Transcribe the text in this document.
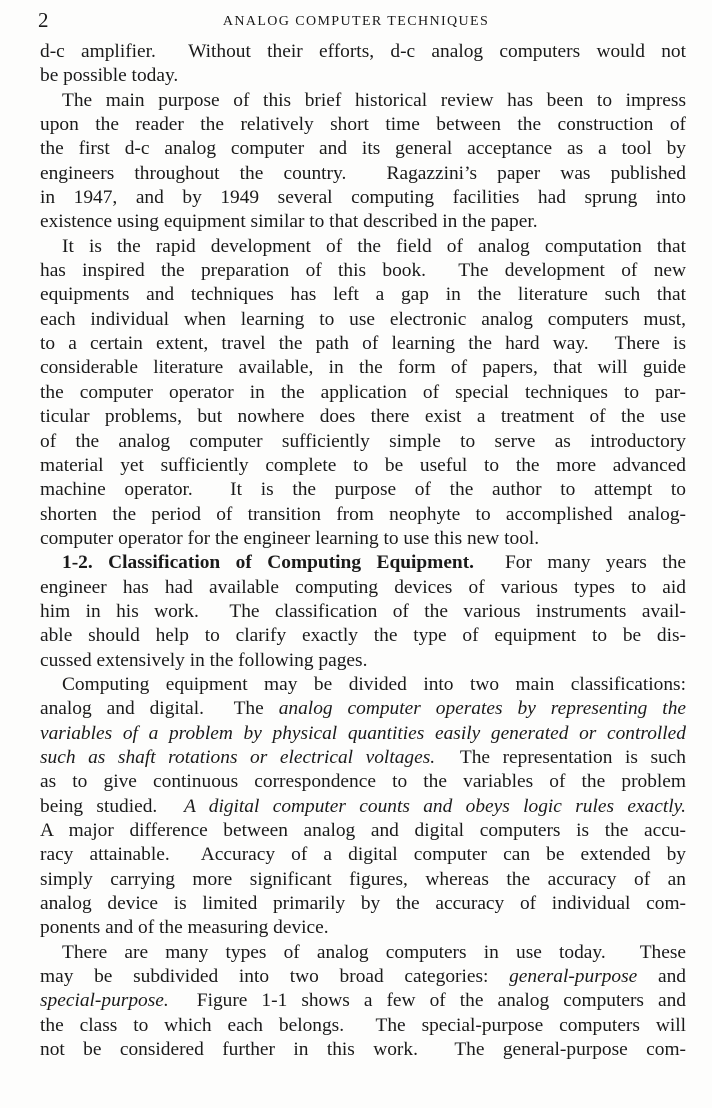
2	ANALOG COMPUTER TECHNIQUES
d-c amplifier.  Without their efforts, d-c analog computers would not
be possible today.
The main purpose of this brief historical review has been to impress
upon the reader the relatively short time between the construction of
the first d-c analog computer and its general acceptance as a tool by
engineers throughout the country.  Ragazzini’s paper was published
in 1947, and by 1949 several computing facilities had sprung into
existence using equipment similar to that described in the paper.
It is the rapid development of the field of analog computation that
has inspired the preparation of this book.  The development of new
equipments and techniques has left a gap in the literature such that
each individual when learning to use electronic analog computers must,
to a certain extent, travel the path of learning the hard way.  There is
considerable literature available, in the form of papers, that will guide
the computer operator in the application of special techniques to par-
ticular problems, but nowhere does there exist a treatment of the use
of the analog computer sufficiently simple to serve as introductory
material yet sufficiently complete to be useful to the more advanced
machine operator.  It is the purpose of the author to attempt to
shorten the period of transition from neophyte to accomplished analog-
computer operator for the engineer learning to use this new tool.
1-2. Classification of Computing Equipment.  For many years the
engineer has had available computing devices of various types to aid
him in his work.  The classification of the various instruments avail-
able should help to clarify exactly the type of equipment to be dis-
cussed extensively in the following pages.
Computing equipment may be divided into two main classifications:
analog and digital.  The analog computer operates by representing the
variables of a problem by physical quantities easily generated or controlled
such as shaft rotations or electrical voltages.  The representation is such
as to give continuous correspondence to the variables of the problem
being studied.  A digital computer counts and obeys logic rules exactly.
A major difference between analog and digital computers is the accu-
racy attainable.  Accuracy of a digital computer can be extended by
simply carrying more significant figures, whereas the accuracy of an
analog device is limited primarily by the accuracy of individual com-
ponents and of the measuring device.
There are many types of analog computers in use today.  These
may be subdivided into two broad categories: general-purpose and
special-purpose.  Figure 1-1 shows a few of the analog computers and
the class to which each belongs.  The special-purpose computers will
not be considered further in this work.  The general-purpose com-
